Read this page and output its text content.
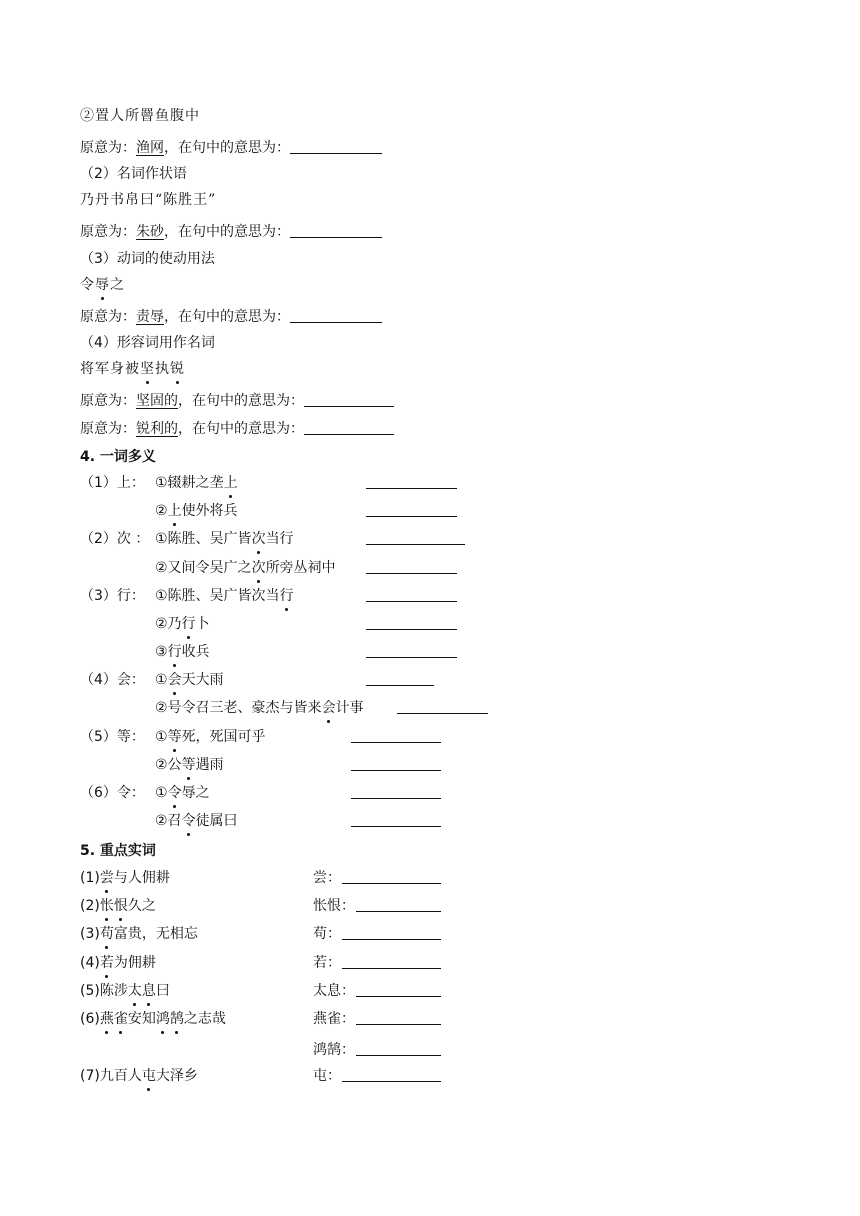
②置人所罾鱼腹中
原意为：渔网，在句中的意思为：
（2）名词作状语
乃丹书帛曰“陈胜王”
原意为：朱砂，在句中的意思为：
（3）动词的使动用法
令辱之
原意为：责辱，在句中的意思为：
（4）形容词用作名词
将军身被坚执锐
原意为：坚固的，在句中的意思为：
原意为：锐利的，在句中的意思为：
4. 一词多义
（1）上： ①辍耕之垄上
②上使外将兵
（2）次 ： ①陈胜、吴广皆次当行
②又间令吴广之次所旁丛祠中
（3）行： ①陈胜、吴广皆次当行
②乃行卜
③行收兵
（4）会： ①会天大雨
②号令召三老、豪杰与皆来会计事
（5）等： ①等死，死国可乎
②公等遇雨
（6）令： ①令辱之
②召令徒属曰
5. 重点实词
(1)尝与人佣耕	尝：
(2)怅恨久之	怅恨：
(3)苟富贵，无相忘	苟：
(4)若为佣耕	若：
(5)陈涉太息曰	太息：
(6)燕雀安知鸿鹄之志哉	燕雀：
鸿鹄：
(7)九百人屯大泽乡	屯：
